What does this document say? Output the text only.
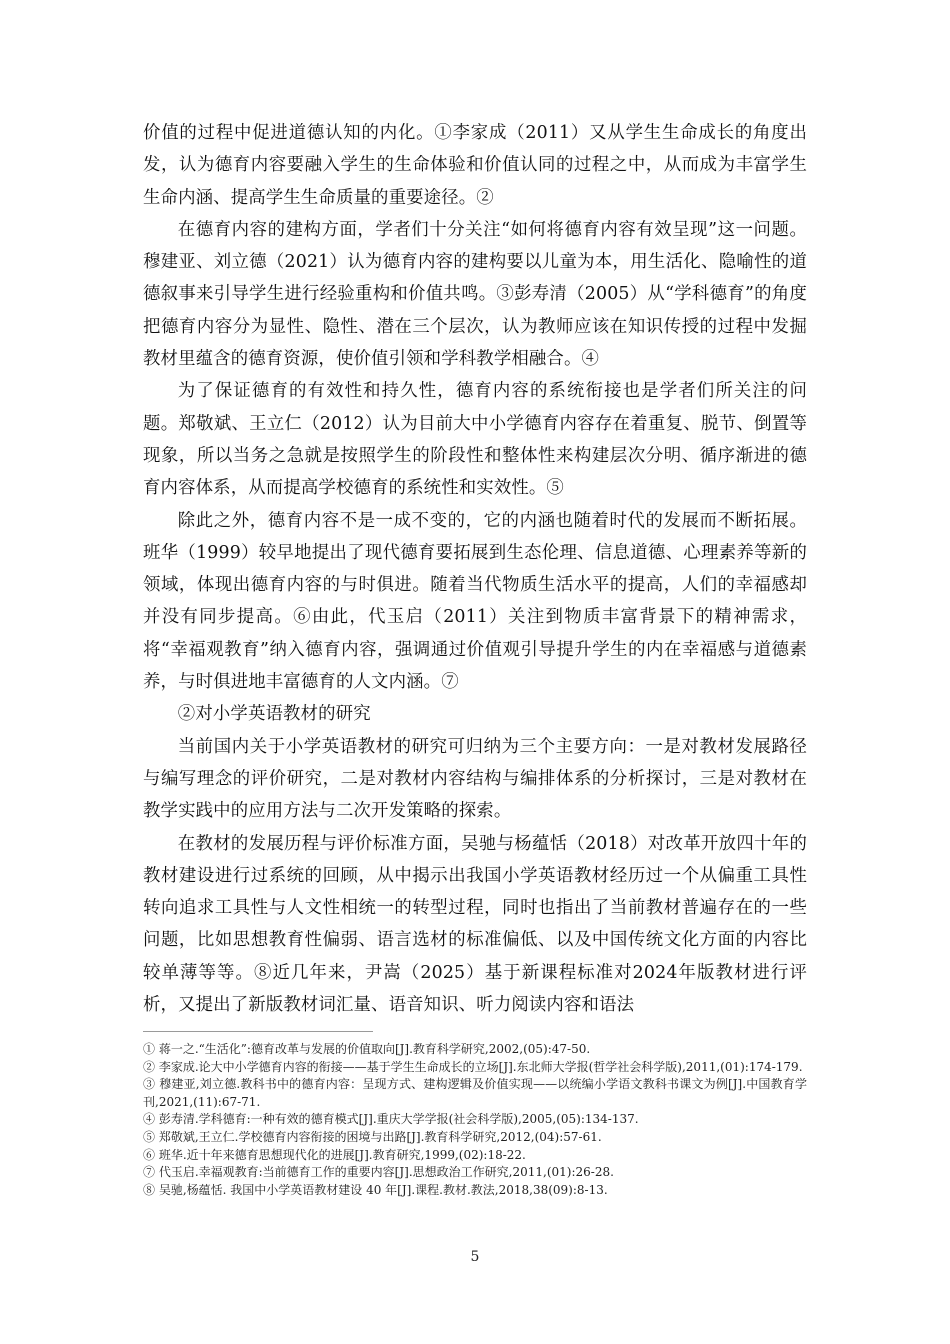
价值的过程中促进道德认知的内化。①李家成（2011）又从学生生命成长的角度出发，认为德育内容要融入学生的生命体验和价值认同的过程之中，从而成为丰富学生生命内涵、提高学生生命质量的重要途径。②

在德育内容的建构方面，学者们十分关注“如何将德育内容有效呈现”这一问题。穆建亚、刘立德（2021）认为德育内容的建构要以儿童为本，用生活化、隐喻性的道德叙事来引导学生进行经验重构和价值共鸣。③彭寿清（2005）从“学科德育”的角度把德育内容分为显性、隐性、潜在三个层次，认为教师应该在知识传授的过程中发掘教材里蕴含的德育资源，使价值引领和学科教学相融合。④

为了保证德育的有效性和持久性，德育内容的系统衔接也是学者们所关注的问题。郑敬斌、王立仁（2012）认为目前大中小学德育内容存在着重复、脱节、倒置等现象，所以当务之急就是按照学生的阶段性和整体性来构建层次分明、循序渐进的德育内容体系，从而提高学校德育的系统性和实效性。⑤

除此之外，德育内容不是一成不变的，它的内涵也随着时代的发展而不断拓展。班华（1999）较早地提出了现代德育要拓展到生态伦理、信息道德、心理素养等新的领域，体现出德育内容的与时俱进。随着当代物质生活水平的提高，人们的幸福感却并没有同步提高。⑥由此，代玉启（2011）关注到物质丰富背景下的精神需求，将“幸福观教育”纳入德育内容，强调通过价值观引导提升学生的内在幸福感与道德素养，与时俱进地丰富德育的人文内涵。⑦

②对小学英语教材的研究

当前国内关于小学英语教材的研究可归纳为三个主要方向：一是对教材发展路径与编写理念的评价研究，二是对教材内容结构与编排体系的分析探讨，三是对教材在教学实践中的应用方法与二次开发策略的探索。

在教材的发展历程与评价标准方面，吴驰与杨蕴恬（2018）对改革开放四十年的教材建设进行过系统的回顾，从中揭示出我国小学英语教材经历过一个从偏重工具性转向追求工具性与人文性相统一的转型过程，同时也指出了当前教材普遍存在的一些问题，比如思想教育性偏弱、语言选材的标准偏低、以及中国传统文化方面的内容比较单薄等等。⑧近几年来，尹嵩（2025）基于新课程标准对2024年版教材进行评析，又提出了新版教材词汇量、语音知识、听力阅读内容和语法

① 蒋一之.“生活化”:德育改革与发展的价值取向[J].教育科学研究,2002,(05):47-50.

② 李家成.论大中小学德育内容的衔接——基于学生生命成长的立场[J].东北师大学报(哲学社会科学版),2011,(01):174-179.

③ 穆建亚,刘立德.教科书中的德育内容：呈现方式、建构逻辑及价值实现——以统编小学语文教科书课文为例[J].中国教育学刊,2021,(11):67-71.

④ 彭寿清.学科德育:一种有效的德育模式[J].重庆大学学报(社会科学版),2005,(05):134-137.

⑤ 郑敬斌,王立仁.学校德育内容衔接的困境与出路[J].教育科学研究,2012,(04):57-61.

⑥ 班华.近十年来德育思想现代化的进展[J].教育研究,1999,(02):18-22.

⑦ 代玉启.幸福观教育:当前德育工作的重要内容[J].思想政治工作研究,2011,(01):26-28.

⑧ 吴驰,杨蕴恬. 我国中小学英语教材建设 40 年[J].课程.教材.教法,2018,38(09):8-13.

5
